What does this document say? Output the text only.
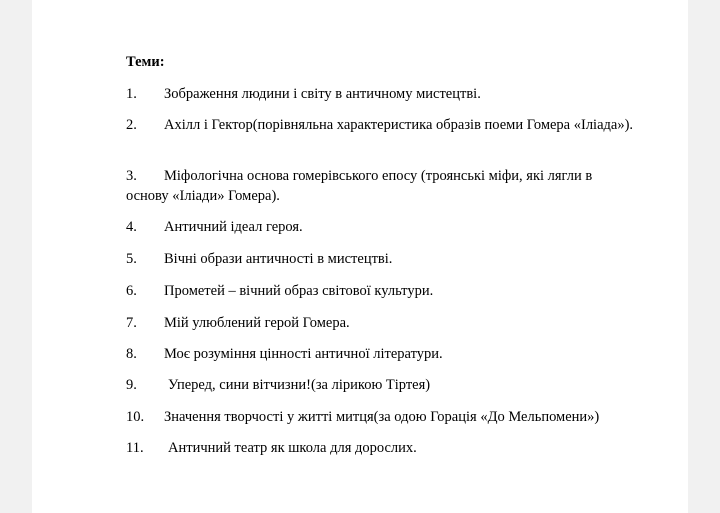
Теми:
1. Зображення людини і світу в античному мистецтві.
2. Ахілл і Гектор(порівняльна характеристика образів поеми Гомера «Іліада»).
3. Міфологічна основа гомерівського епосу (троянські міфи, які лягли в основу «Іліади» Гомера).
4. Античний ідеал героя.
5. Вічні образи античності в мистецтві.
6. Прометей – вічний образ світової культури.
7. Мій улюблений герой Гомера.
8. Моє розуміння цінності античної літератури.
9. Уперед, сини вітчизни!(за лірикою Тіртея)
10. Значення творчості у житті митця(за одою Горація «До Мельпомени»)
11. Античний театр як школа для дорослих.
